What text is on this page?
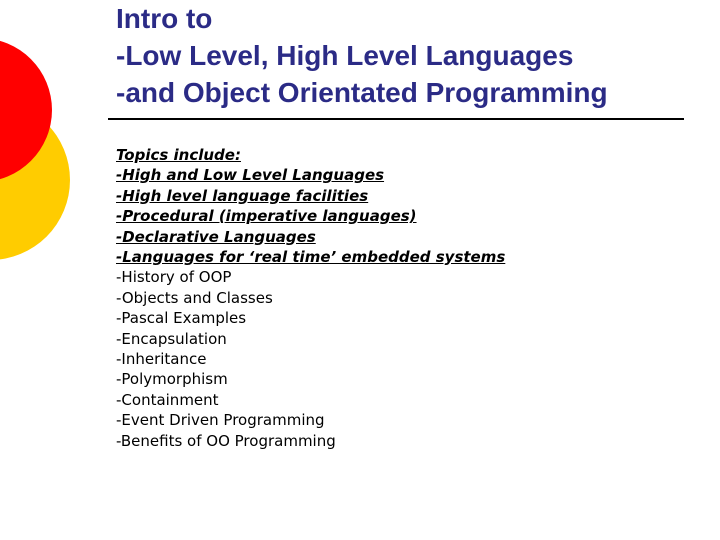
Intro to
-Low Level, High Level Languages
-and Object Orientated Programming
Topics include:
-High and Low Level Languages
-High level language facilities
-Procedural (imperative languages)
-Declarative Languages
-Languages for ‘real time’ embedded systems
-History of OOP
-Objects and Classes
-Pascal Examples
-Encapsulation
-Inheritance
-Polymorphism
-Containment
-Event Driven Programming
-Benefits of OO Programming
